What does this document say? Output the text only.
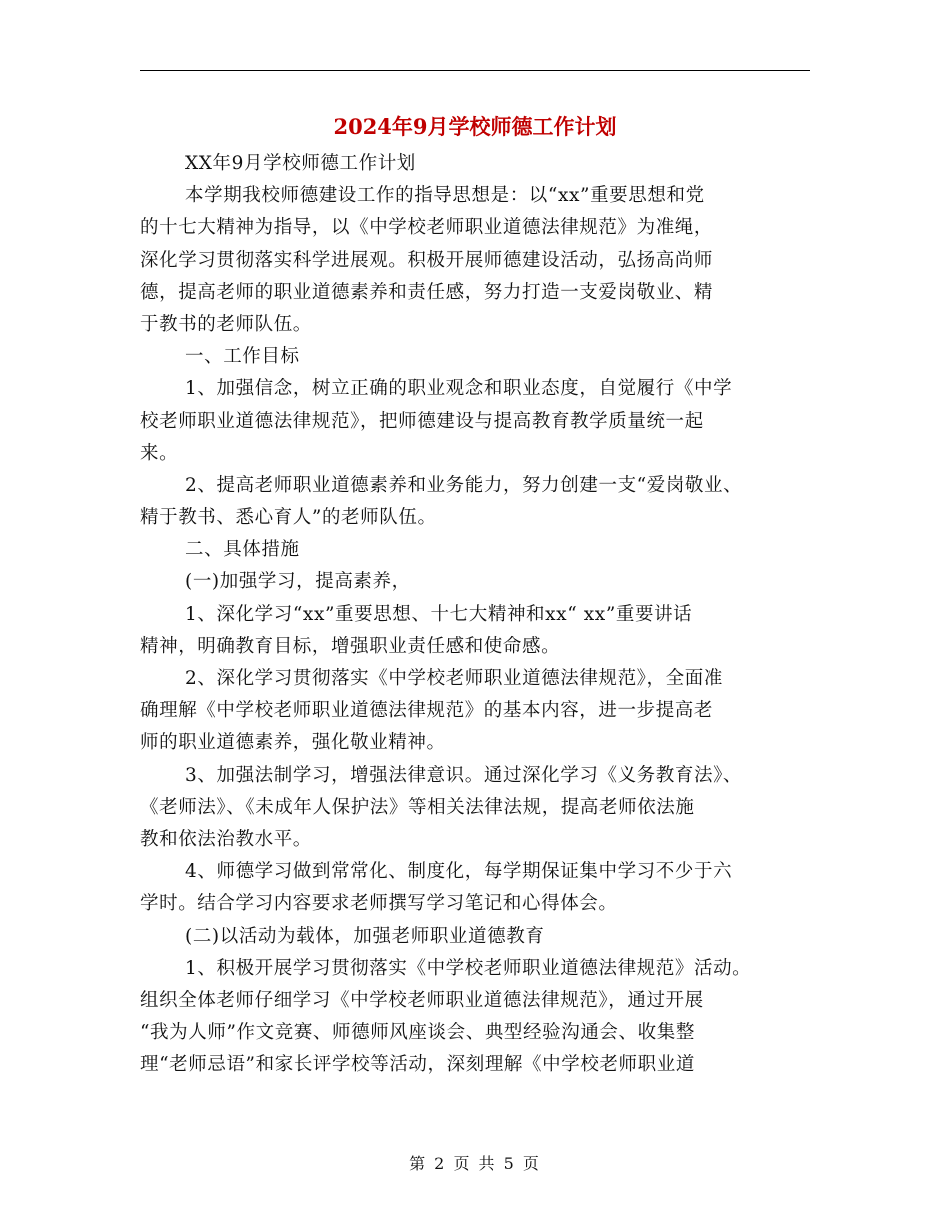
2024年9月学校师德工作计划
XX年9月学校师德工作计划
本学期我校师德建设工作的指导思想是：以“xx”重要思想和党
的十七大精神为指导，以《中学校老师职业道德法律规范》为准绳，
深化学习贯彻落实科学进展观。积极开展师德建设活动，弘扬高尚师
德，提高老师的职业道德素养和责任感，努力打造一支爱岗敬业、精
于教书的老师队伍。
一、工作目标
1、加强信念，树立正确的职业观念和职业态度，自觉履行《中学
校老师职业道德法律规范》，把师德建设与提高教育教学质量统一起
来。
2、提高老师职业道德素养和业务能力，努力创建一支“爱岗敬业、
精于教书、悉心育人”的老师队伍。
二、具体措施
(一)加强学习，提高素养，
1、深化学习“xx”重要思想、十七大精神和xx“ xx”重要讲话
精神，明确教育目标，增强职业责任感和使命感。
2、深化学习贯彻落实《中学校老师职业道德法律规范》，全面准
确理解《中学校老师职业道德法律规范》的基本内容，进一步提高老
师的职业道德素养，强化敬业精神。
3、加强法制学习，增强法律意识。通过深化学习《义务教育法》、
《老师法》、《未成年人保护法》等相关法律法规，提高老师依法施
教和依法治教水平。
4、师德学习做到常常化、制度化，每学期保证集中学习不少于六
学时。结合学习内容要求老师撰写学习笔记和心得体会。
(二)以活动为载体，加强老师职业道德教育
1、积极开展学习贯彻落实《中学校老师职业道德法律规范》活动。
组织全体老师仔细学习《中学校老师职业道德法律规范》，通过开展
“我为人师”作文竞赛、师德师风座谈会、典型经验沟通会、收集整
理“老师忌语”和家长评学校等活动，深刻理解《中学校老师职业道
第 2 页 共 5 页
